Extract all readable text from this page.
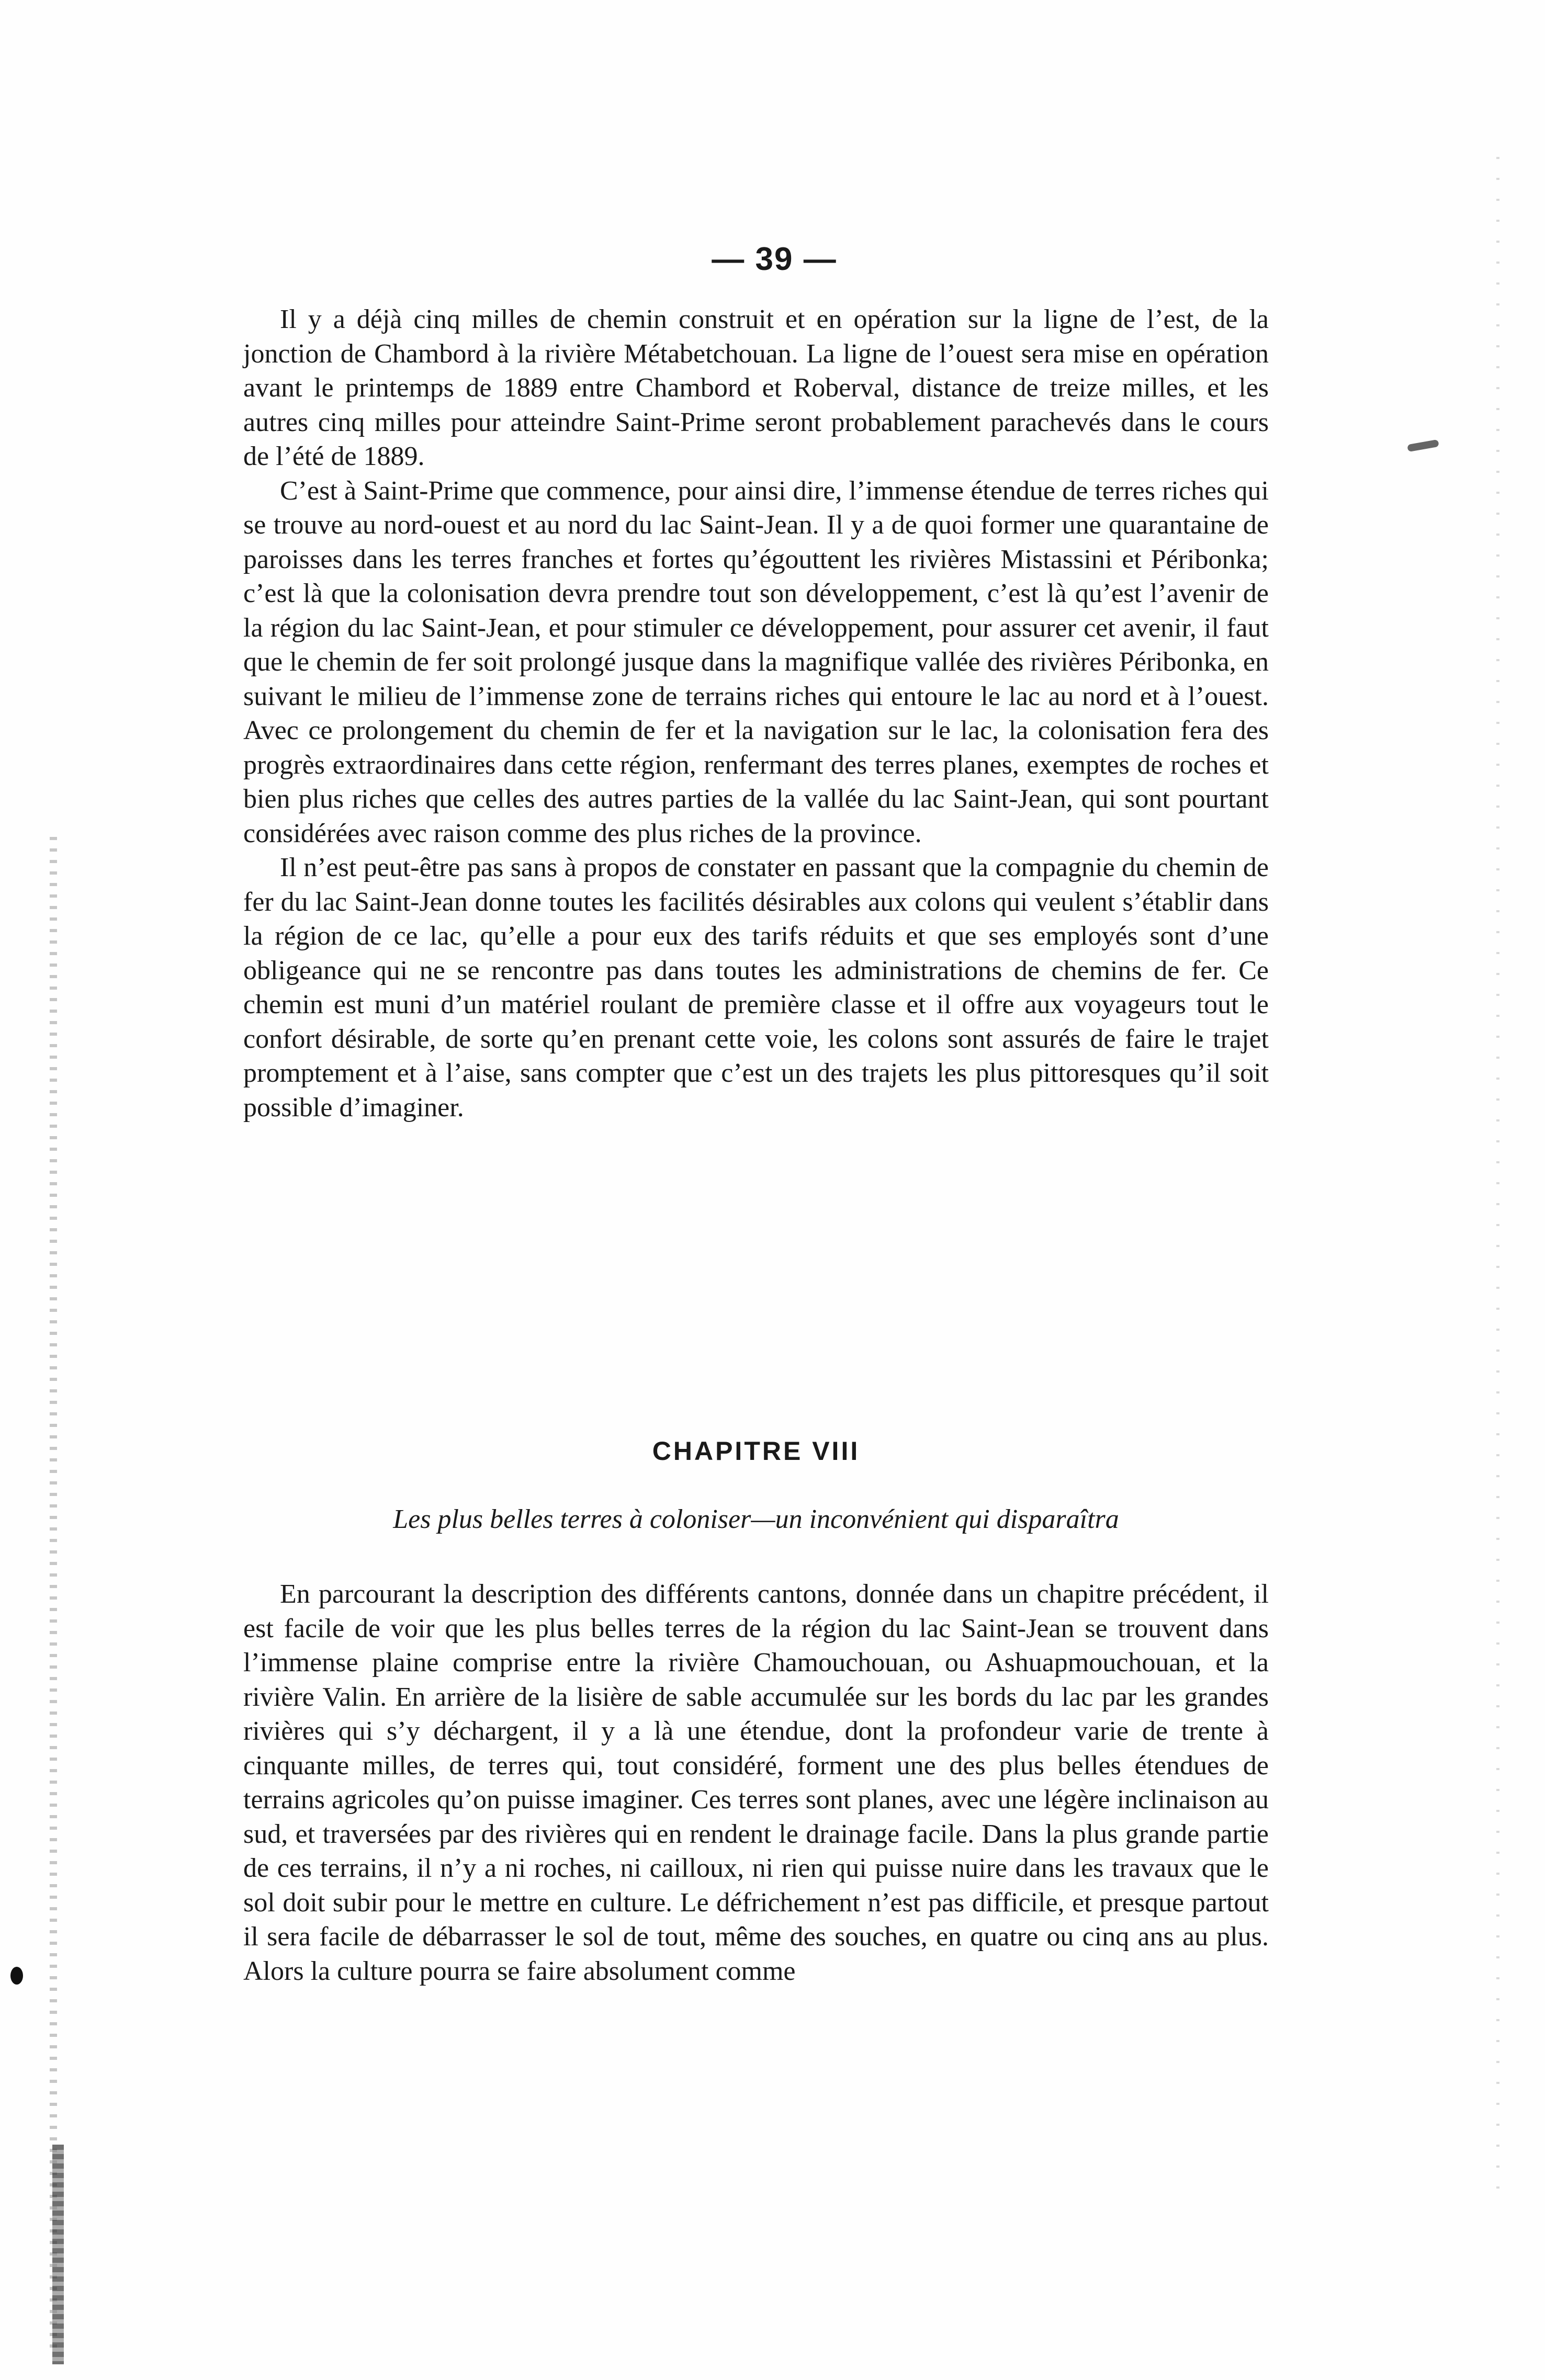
— 39 —

Il y a déjà cinq milles de chemin construit et en opération sur la ligne de l’est, de la jonction de Chambord à la rivière Métabetchouan. La ligne de l’ouest sera mise en opération avant le printemps de 1889 entre Chambord et Roberval, distance de treize milles, et les autres cinq milles pour atteindre Saint-Prime seront probablement parachevés dans le cours de l’été de 1889.

C’est à Saint-Prime que commence, pour ainsi dire, l’immense étendue de terres riches qui se trouve au nord-ouest et au nord du lac Saint-Jean. Il y a de quoi former une quarantaine de paroisses dans les terres franches et fortes qu’égouttent les rivières Mistassini et Péribonka; c’est là que la colonisation devra prendre tout son développement, c’est là qu’est l’avenir de la région du lac Saint-Jean, et pour stimuler ce développement, pour assurer cet avenir, il faut que le chemin de fer soit prolongé jusque dans la magnifique vallée des rivières Péribonka, en suivant le milieu de l’immense zone de terrains riches qui entoure le lac au nord et à l’ouest. Avec ce prolongement du chemin de fer et la navigation sur le lac, la colonisation fera des progrès extraordinaires dans cette région, renfermant des terres planes, exemptes de roches et bien plus riches que celles des autres parties de la vallée du lac Saint-Jean, qui sont pourtant considérées avec raison comme des plus riches de la province.

Il n’est peut-être pas sans à propos de constater en passant que la compagnie du chemin de fer du lac Saint-Jean donne toutes les facilités désirables aux colons qui veulent s’établir dans la région de ce lac, qu’elle a pour eux des tarifs réduits et que ses employés sont d’une obligeance qui ne se rencontre pas dans toutes les administrations de chemins de fer. Ce chemin est muni d’un matériel roulant de première classe et il offre aux voyageurs tout le confort désirable, de sorte qu’en prenant cette voie, les colons sont assurés de faire le trajet promptement et à l’aise, sans compter que c’est un des trajets les plus pittoresques qu’il soit possible d’imaginer.

CHAPITRE VIII
Les plus belles terres à coloniser—un inconvénient qui disparaîtra

En parcourant la description des différents cantons, donnée dans un chapitre précédent, il est facile de voir que les plus belles terres de la région du lac Saint-Jean se trouvent dans l’immense plaine comprise entre la rivière Chamouchouan, ou Ashuapmouchouan, et la rivière Valin. En arrière de la lisière de sable accumulée sur les bords du lac par les grandes rivières qui s’y déchargent, il y a là une étendue, dont la profondeur varie de trente à cinquante milles, de terres qui, tout considéré, forment une des plus belles étendues de terrains agricoles qu’on puisse imaginer. Ces terres sont planes, avec une légère inclinaison au sud, et traversées par des rivières qui en rendent le drainage facile. Dans la plus grande partie de ces terrains, il n’y a ni roches, ni cailloux, ni rien qui puisse nuire dans les travaux que le sol doit subir pour le mettre en culture. Le défrichement n’est pas difficile, et presque partout il sera facile de débarrasser le sol de tout, même des souches, en quatre ou cinq ans au plus. Alors la culture pourra se faire absolument comme
